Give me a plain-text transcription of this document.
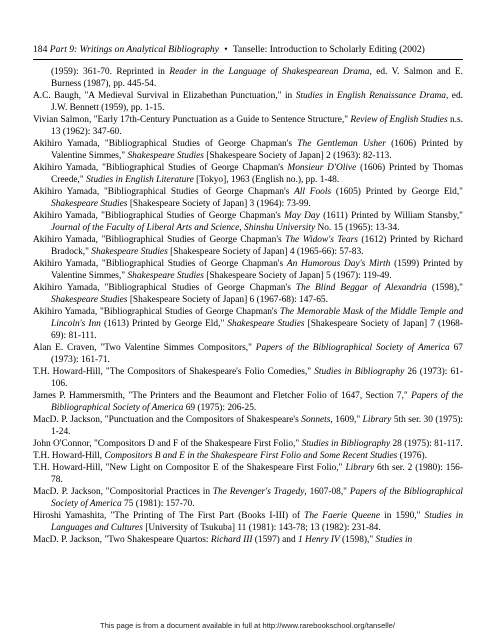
184 Part 9: Writings on Analytical Bibliography • Tanselle: Introduction to Scholarly Editing (2002)

(1959): 361-70. Reprinted in Reader in the Language of Shakespearean Drama, ed. V. Salmon and E. Burness (1987), pp. 445-54.

A.C. Baugh, "A Medieval Survival in Elizabethan Punctuation," in Studies in English Renaissance Drama, ed. J.W. Bennett (1959), pp. 1-15.

Vivian Salmon, "Early 17th-Century Punctuation as a Guide to Sentence Structure," Review of English Studies n.s. 13 (1962): 347-60.

Akihiro Yamada, "Bibliographical Studies of George Chapman's The Gentleman Usher (1606) Printed by Valentine Simmes," Shakespeare Studies [Shakespeare Society of Japan] 2 (1963): 82-113.

Akihiro Yamada, "Bibliographical Studies of George Chapman's Monsieur D'Olive (1606) Printed by Thomas Creede," Studies in English Literature [Tokyo], 1963 (English no.), pp. 1-48.

Akihiro Yamada, "Bibliographical Studies of George Chapman's All Fools (1605) Printed by George Eld," Shakespeare Studies [Shakespeare Society of Japan] 3 (1964): 73-99.

Akihiro Yamada, "Bibliographical Studies of George Chapman's May Day (1611) Printed by William Stansby," Journal of the Faculty of Liberal Arts and Science, Shinshu University No. 15 (1965): 13-34.

Akihiro Yamada, "Bibliographical Studies of George Chapman's The Widow's Tears (1612) Printed by Richard Bradock," Shakespeare Studies [Shakespeare Society of Japan] 4 (1965-66): 57-83.

Akihiro Yamada, "Bibliographical Studies of George Chapman's An Humorous Day's Mirth (1599) Printed by Valentine Simmes," Shakespeare Studies [Shakespeare Society of Japan] 5 (1967): 119-49.

Akihiro Yamada, "Bibliographical Studies of George Chapman's The Blind Beggar of Alexandria (1598)," Shakespeare Studies [Shakespeare Society of Japan] 6 (1967-68): 147-65.

Akihiro Yamada, "Bibliographical Studies of George Chapman's The Memorable Mask of the Middle Temple and Lincoln's Inn (1613) Printed by George Eld," Shakespeare Studies [Shakespeare Society of Japan] 7 (1968-69): 81-111.

Alan E. Craven, "Two Valentine Simmes Compositors," Papers of the Bibliographical Society of America 67 (1973): 161-71.

T.H. Howard-Hill, "The Compositors of Shakespeare's Folio Comedies," Studies in Bibliography 26 (1973): 61-106.

James P. Hammersmith, "The Printers and the Beaumont and Fletcher Folio of 1647, Section 7," Papers of the Bibliographical Society of America 69 (1975): 206-25.

MacD. P. Jackson, "Punctuation and the Compositors of Shakespeare's Sonnets, 1609," Library 5th ser. 30 (1975): 1-24.

John O'Connor, "Compositors D and F of the Shakespeare First Folio," Studies in Bibliography 28 (1975): 81-117.

T.H. Howard-Hill, Compositors B and E in the Shakespeare First Folio and Some Recent Studies (1976).

T.H. Howard-Hill, "New Light on Compositor E of the Shakespeare First Folio," Library 6th ser. 2 (1980): 156-78.

MacD. P. Jackson, "Compositorial Practices in The Revenger's Tragedy, 1607-08," Papers of the Bibliographical Society of America 75 (1981): 157-70.

Hiroshi Yamashita, "The Printing of The First Part (Books I-III) of The Faerie Queene in 1590," Studies in Languages and Cultures [University of Tsukuba] 11 (1981): 143-78; 13 (1982): 231-84.

MacD. P. Jackson, "Two Shakespeare Quartos: Richard III (1597) and 1 Henry IV (1598)," Studies in

This page is from a document available in full at http://www.rarebookschool.org/tanselle/
